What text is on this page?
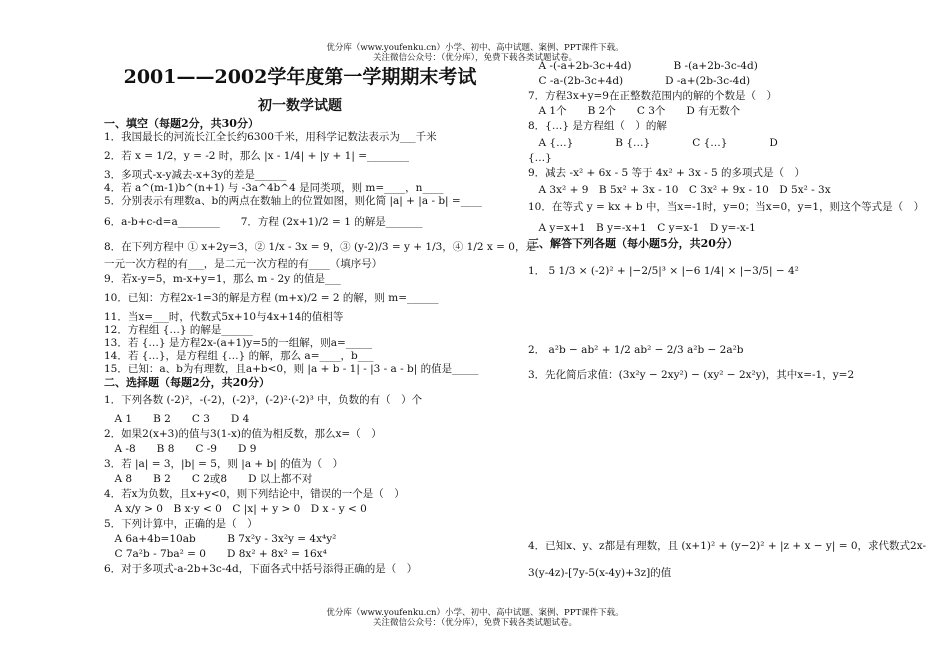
优分库（www.youfenku.cn）小学、初中、高中试题、案例、PPT课件下载。
关注微信公众号：（优分库），免费下载各类试题试卷。
2001——2002学年度第一学期期末考试
初一数学试题
一、填空（每题2分，共30分）
1．我国最长的河流长江全长约6300千米，用科学记数法表示为___千米
2．若 x = 1/2，y = -2 时，那么 |x - 1/4| + |y + 1| =________
3．多项式-x-y减去-x+3y的差是______
4．若 a^(m-1)b^(n+1) 与 -3a^4b^4 是同类项，则 m=____，n____
5．分别表示有理数a、b的两点在数轴上的位置如图，则化简 |a| + |a - b| =____
6．a-b+c-d=a________　　7．方程 (2x+1)/2 = 1 的解是_______
8．在下列方程中 ① x+2y=3，② 1/x - 3x = 9，③ (y-2)/3 = y + 1/3，④ 1/2 x = 0，是
一元一次方程的有___，是二元一次方程的有____（填序号）
9．若x-y=5，m-x+y=1，那么 m - 2y 的值是___
10．已知：方程2x-1=3的解是方程 (m+x)/2 = 2 的解，则 m=______
11．当x=___时，代数式5x+10与4x+14的值相等
12．方程组 {…} 的解是______
13．若 {…} 是方程2x-(a+1)y=5的一组解，则a=_____
14．若 {…}，是方程组 {…} 的解，那么 a=____，b___
15．已知：a、b为有理数，且a+b<0，则 |a + b - 1| - |3 - a - b| 的值是_____
二、选择题（每题2分，共20分）
1．下列各数 (-2)²，-(-2)，(-2)³，(-2)²·(-2)³ 中，负数的有（　）个
　A 1　　B 2　　C 3　　D 4
2．如果2(x+3)的值与3(1-x)的值为相反数，那么x=（　）
　A -8　　B 8　　C -9　　D 9
3．若 |a| = 3，|b| = 5，则 |a + b| 的值为（　）
　A 8　　B 2　　C 2或8　　D 以上都不对
4．若x为负数，且x+y<0，则下列结论中，错误的一个是（　）
　A x/y > 0　B x·y < 0　C |x| + y > 0　D x - y < 0
5．下列计算中，正确的是（　）
　A 6a+4b=10ab　　　B 7x²y - 3x²y = 4x⁴y²
　C 7a²b - 7ba² = 0　　D 8x² + 8x² = 16x⁴
6．对于多项式-a-2b+3c-4d，下面各式中括号添得正确的是（　）
　A -(-a+2b-3c+4d)　　　　B -(a+2b-3c-4d)
　C -a-(2b-3c+4d)　　　　D -a+(2b-3c-4d)
7．方程3x+y=9在正整数范围内的解的个数是（　）
　A 1个　　B 2个　　C 3个　　D 有无数个
8．{…} 是方程组（　）的解
　A {…}　　　　B {…}　　　　C {…}　　　　D
{…}
9．减去 -x² + 6x - 5 等于 4x² + 3x - 5 的多项式是（　）
　A 3x² + 9　B 5x² + 3x - 10　C 3x² + 9x - 10　D 5x² - 3x
10．在等式 y = kx + b 中，当x=-1时，y=0；当x=0，y=1，则这个等式是（　）
　A y=x+1　B y=-x+1　C y=x-1　D y=-x-1
三、解答下列各题（每小题5分，共20分）
1． 5 1/3 × (-2)² + |−2/5|³ × |−6 1/4| × |−3/5| − 4²
2． a²b − ab² + 1/2 ab² − 2/3 a²b − 2a²b
3．先化简后求值：(3x²y − 2xy²) − (xy² − 2x²y)，其中x=-1，y=2
4．已知x、y、z都是有理数，且 (x+1)² + (y−2)² + |z + x − y| = 0，求代数式2x-
3(y-4z)-[7y-5(x-4y)+3z]的值
优分库（www.youfenku.cn）小学、初中、高中试题、案例、PPT课件下载。
关注微信公众号：（优分库），免费下载各类试题试卷。
